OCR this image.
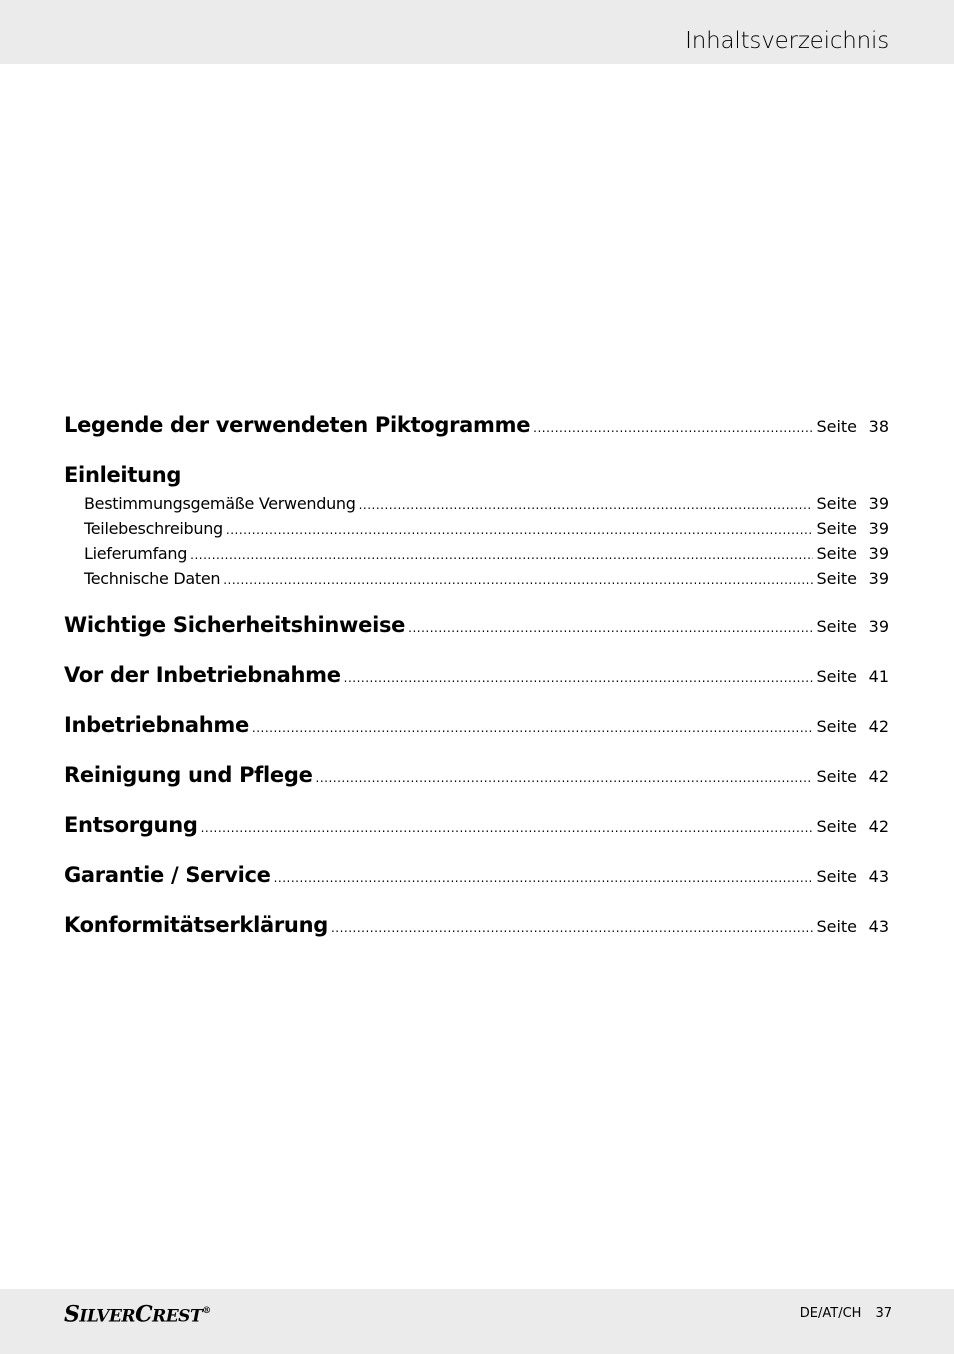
Inhaltsverzeichnis
Legende der verwendeten Piktogramme .....	Seite 38
Einleitung
Bestimmungsgemäße Verwendung .....	Seite 39
Teilebeschreibung .....	Seite 39
Lieferumfang .....	Seite 39
Technische Daten .....	Seite 39
Wichtige Sicherheitshinweise .....	Seite 39
Vor der Inbetriebnahme .....	Seite 41
Inbetriebnahme .....	Seite 42
Reinigung und Pflege .....	Seite 42
Entsorgung .....	Seite 42
Garantie / Service .....	Seite 43
Konformitätserklärung .....	Seite 43
SILVERCREST®	DE/AT/CH 37
